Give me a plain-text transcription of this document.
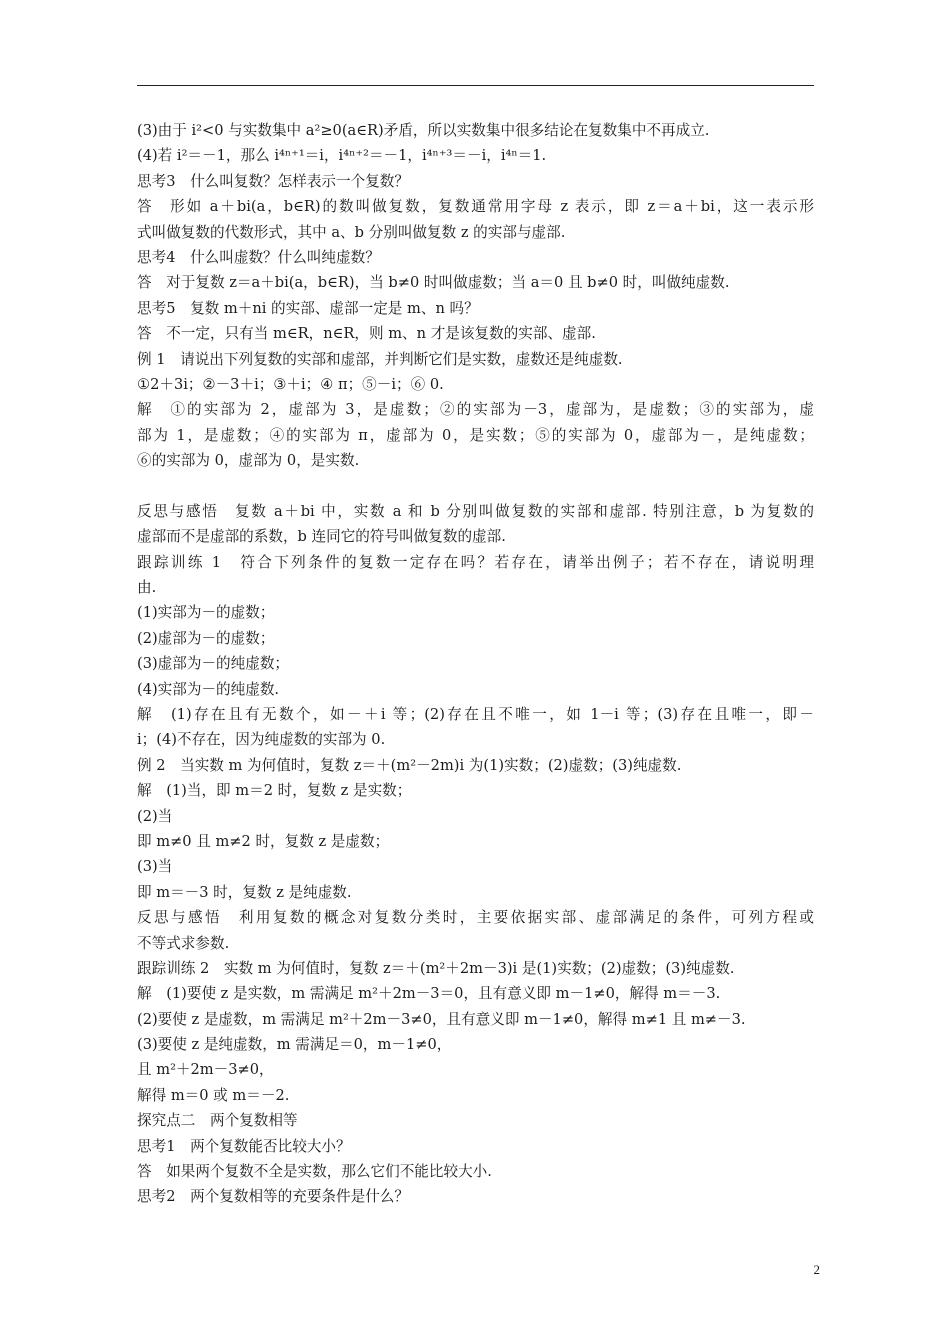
(3)由于 i²<0 与实数集中 a²≥0(a∈R)矛盾，所以实数集中很多结论在复数集中不再成立.
(4)若 i²＝－1，那么 i⁴ⁿ⁺¹＝i，i⁴ⁿ⁺²＝－1，i⁴ⁿ⁺³＝－i，i⁴ⁿ＝1.
思考3　什么叫复数？怎样表示一个复数？
答　形如 a＋bi(a，b∈R)的数叫做复数，复数通常用字母 z 表示，即 z＝a＋bi，这一表示形
式叫做复数的代数形式，其中 a、b 分别叫做复数 z 的实部与虚部.
思考4　什么叫虚数？什么叫纯虚数？
答　对于复数 z＝a＋bi(a，b∈R)，当 b≠0 时叫做虚数；当 a＝0 且 b≠0 时，叫做纯虚数.
思考5　复数 m＋ni 的实部、虚部一定是 m、n 吗？
答　不一定，只有当 m∈R，n∈R，则 m、n 才是该复数的实部、虚部.
例 1　请说出下列复数的实部和虚部，并判断它们是实数，虚数还是纯虚数.
①2＋3i；②－3＋i；③＋i；④ π；⑤－i；⑥ 0.
解　①的实部为 2，虚部为 3，是虚数；②的实部为－3，虚部为，是虚数；③的实部为，虚
部为 1，是虚数；④的实部为 π，虚部为 0，是实数；⑤的实部为 0，虚部为－，是纯虚数；
⑥的实部为 0，虚部为 0，是实数.
反思与感悟　复数 a＋bi 中，实数 a 和 b 分别叫做复数的实部和虚部. 特别注意，b 为复数的
虚部而不是虚部的系数，b 连同它的符号叫做复数的虚部.
跟踪训练 1　符合下列条件的复数一定存在吗？若存在，请举出例子；若不存在，请说明理
由.
(1)实部为－的虚数；
(2)虚部为－的虚数；
(3)虚部为－的纯虚数；
(4)实部为－的纯虚数.
解　(1)存在且有无数个，如－＋i 等；(2)存在且不唯一，如 1－i 等；(3)存在且唯一，即－
i；(4)不存在，因为纯虚数的实部为 0.
例 2　当实数 m 为何值时，复数 z＝＋(m²－2m)i 为(1)实数；(2)虚数；(3)纯虚数.
解　(1)当，即 m＝2 时，复数 z 是实数；
(2)当
即 m≠0 且 m≠2 时，复数 z 是虚数；
(3)当
即 m＝－3 时，复数 z 是纯虚数.
反思与感悟　利用复数的概念对复数分类时，主要依据实部、虚部满足的条件，可列方程或
不等式求参数.
跟踪训练 2　实数 m 为何值时，复数 z＝＋(m²＋2m－3)i 是(1)实数；(2)虚数；(3)纯虚数.
解　(1)要使 z 是实数，m 需满足 m²＋2m－3＝0，且有意义即 m－1≠0，解得 m＝－3.
(2)要使 z 是虚数，m 需满足 m²＋2m－3≠0，且有意义即 m－1≠0，解得 m≠1 且 m≠－3.
(3)要使 z 是纯虚数，m 需满足＝0，m－1≠0，
且 m²＋2m－3≠0，
解得 m＝0 或 m＝－2.
探究点二　两个复数相等
思考1　两个复数能否比较大小？
答　如果两个复数不全是实数，那么它们不能比较大小.
思考2　两个复数相等的充要条件是什么？
2
